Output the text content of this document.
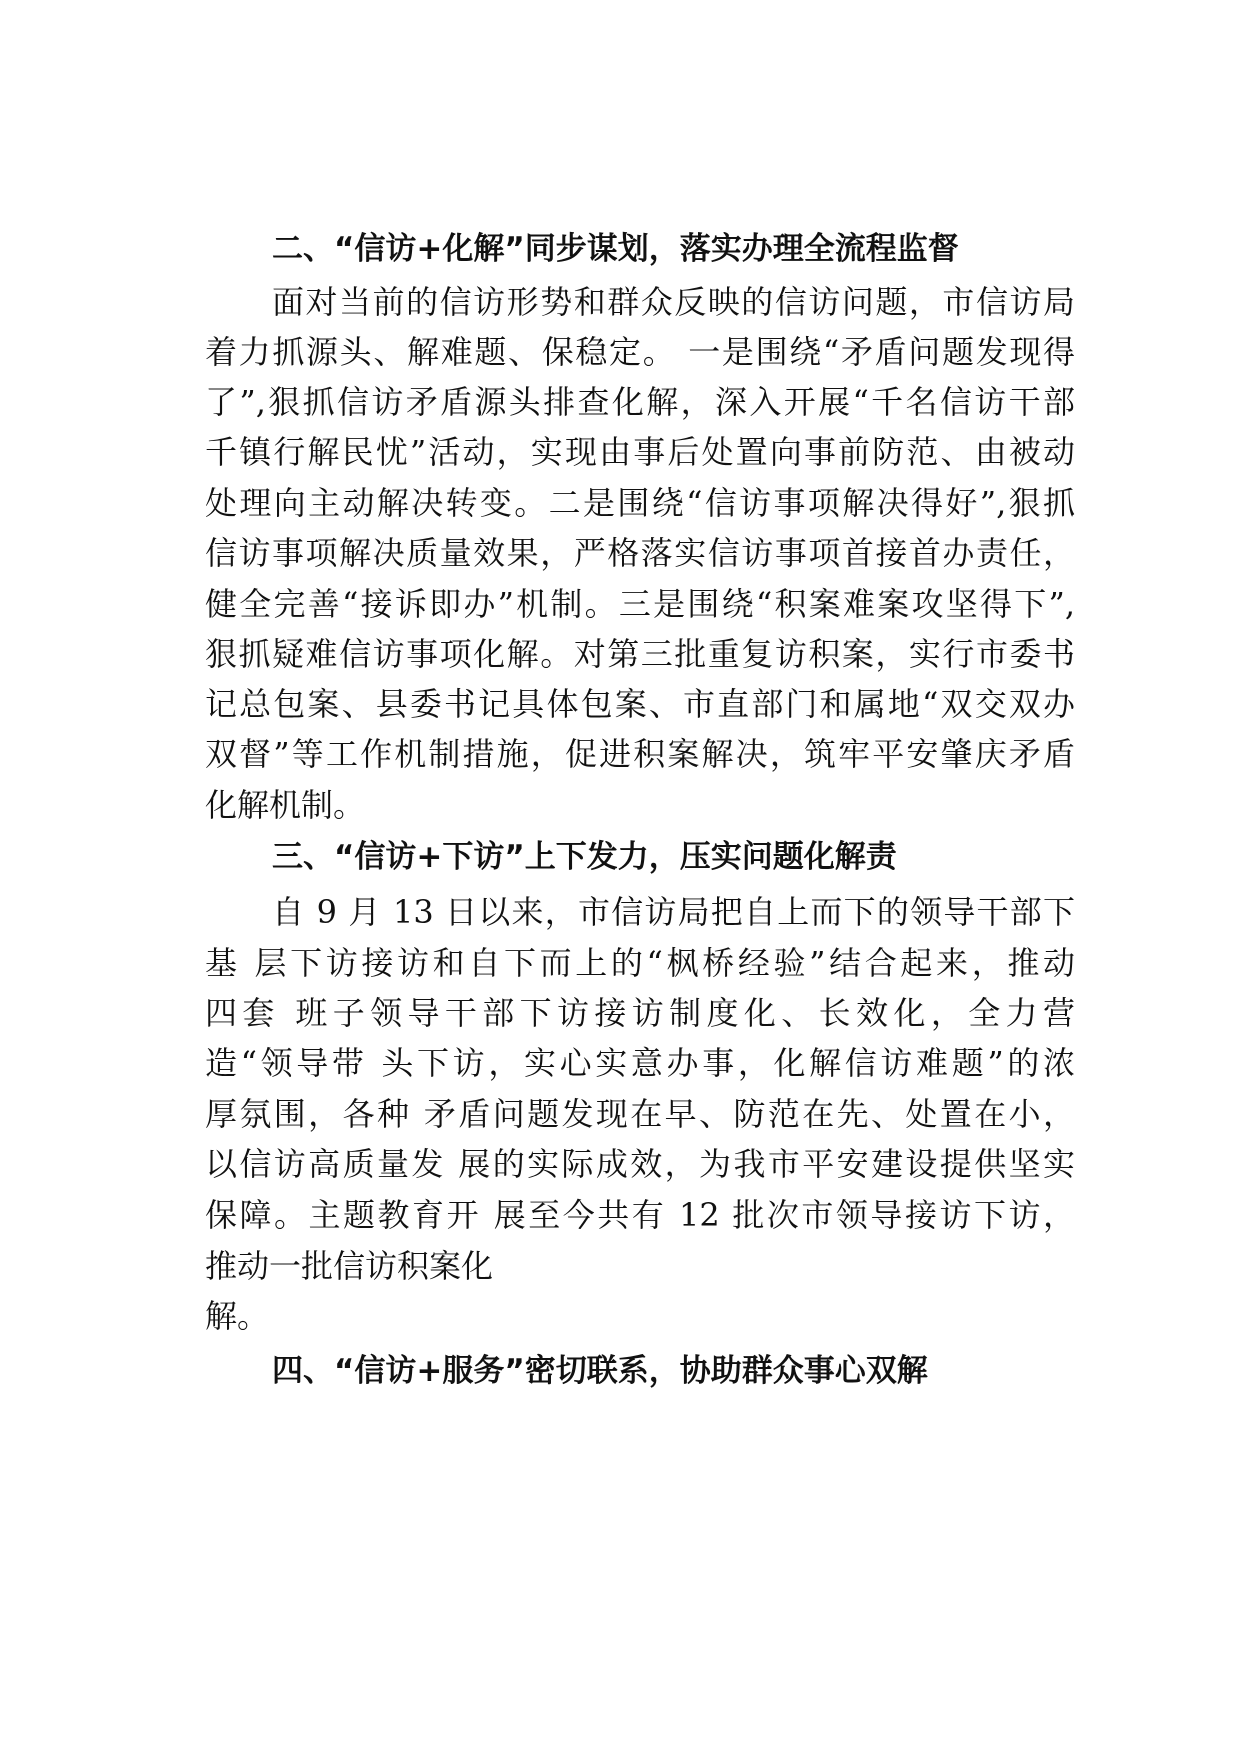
二、“信访+化解”同步谋划，落实办理全流程监督
面对当前的信访形势和群众反映的信访问题，市信访局
着力抓源头、解难题、保稳定。 一是围绕“矛盾问题发现得
了”,狠抓信访矛盾源头排查化解，深入开展“千名信访干部
千镇行解民忧”活动，实现由事后处置向事前防范、由被动
处理向主动解决转变。二是围绕“信访事项解决得好”,狠抓
信访事项解决质量效果，严格落实信访事项首接首办责任，
健全完善“接诉即办”机制。三是围绕“积案难案攻坚得下”,
狠抓疑难信访事项化解。对第三批重复访积案，实行市委书
记总包案、县委书记具体包案、市直部门和属地“双交双办
双督”等工作机制措施，促进积案解决，筑牢平安肇庆矛盾
化解机制。
三、“信访+下访”上下发力，压实问题化解责
自 9 月 13 日以来，市信访局把自上而下的领导干部下
基 层下访接访和自下而上的“枫桥经验”结合起来，推动
四套 班子领导干部下访接访制度化、长效化，全力营
造“领导带 头下访，实心实意办事，化解信访难题”的浓
厚氛围，各种 矛盾问题发现在早、防范在先、处置在小，
以信访高质量发 展的实际成效，为我市平安建设提供坚实
保障。主题教育开 展至今共有 12 批次市领导接访下访，
推动一批信访积案化
解。
四、“信访+服务”密切联系，协助群众事心双解
